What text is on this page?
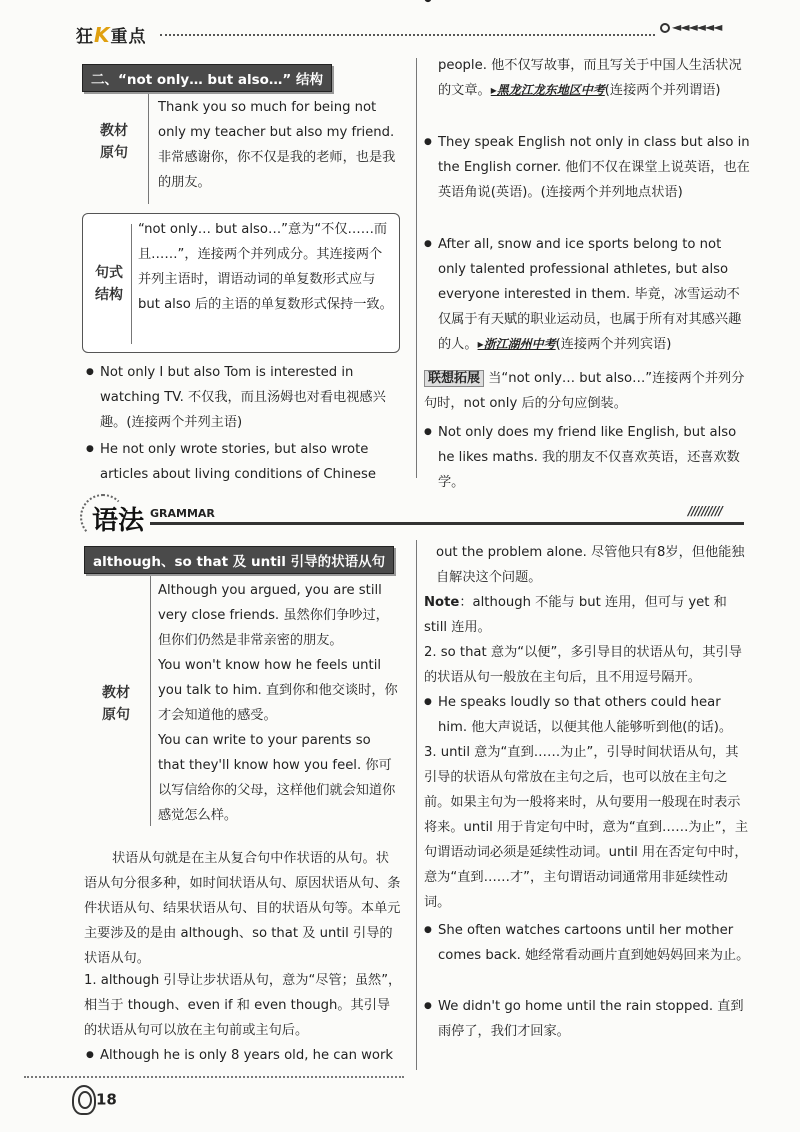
狂K重点	◄◄◄◄◄◄
二、“not only… but also…” 结构
教材原句
Thank you so much for being not only my teacher but also my friend.非常感谢你，你不仅是我的老师，也是我的朋友。
句式结构
“not only… but also…”意为“不仅……而且……”，连接两个并列成分。其连接两个并列主语时，谓语动词的单复数形式应与 but also 后的主语的单复数形式保持一致。
● Not only I but also Tom is interested in watching TV. 不仅我，而且汤姆也对看电视感兴趣。(连接两个并列主语)
● He not only wrote stories, but also wrote articles about living conditions of Chinese
●
people. 他不仅写故事，而且写关于中国人生活状况的文章。▸黑龙江龙东地区中考(连接两个并列谓语)
● They speak English not only in class but also in the English corner. 他们不仅在课堂上说英语，也在英语角说(英语)。(连接两个并列地点状语)
● After all, snow and ice sports belong to not only talented professional athletes, but also everyone interested in them. 毕竟，冰雪运动不仅属于有天赋的职业运动员，也属于所有对其感兴趣的人。▸浙江湖州中考(连接两个并列宾语)
联想拓展 当“not only… but also…”连接两个并列分句时，not only 后的分句应倒装。
● Not only does my friend like English, but also he likes maths. 我的朋友不仅喜欢英语，还喜欢数学。
语法 GRAMMAR	//////////
although、so that 及 until 引导的状语从句
教材原句
Although you argued, you are still very close friends. 虽然你们争吵过，但你们仍然是非常亲密的朋友。
You won't know how he feels until you talk to him. 直到你和他交谈时，你才会知道他的感受。
You can write to your parents so that they'll know how you feel. 你可以写信给你的父母，这样他们就会知道你感觉怎么样。
状语从句就是在主从复合句中作状语的从句。状语从句分很多种，如时间状语从句、原因状语从句、条件状语从句、结果状语从句、目的状语从句等。本单元主要涉及的是由 although、so that 及 until 引导的状语从句。
1. although 引导让步状语从句，意为“尽管；虽然”，相当于 though、even if 和 even though。其引导的状语从句可以放在主句前或主句后。
● Although he is only 8 years old, he can work
out the problem alone. 尽管他只有8岁，但他能独自解决这个问题。
Note：although 不能与 but 连用，但可与 yet 和 still 连用。
2. so that 意为“以便”，多引导目的状语从句，其引导的状语从句一般放在主句后，且不用逗号隔开。
● He speaks loudly so that others could hear him. 他大声说话，以便其他人能够听到他(的话)。
3. until 意为“直到……为止”，引导时间状语从句，其引导的状语从句常放在主句之后，也可以放在主句之前。如果主句为一般将来时，从句要用一般现在时表示将来。until 用于肯定句中时，意为“直到……为止”，主句谓语动词必须是延续性动词。until 用在否定句中时，意为“直到……才”，主句谓语动词通常用非延续性动词。
● She often watches cartoons until her mother comes back. 她经常看动画片直到她妈妈回来为止。
● We didn't go home until the rain stopped. 直到雨停了，我们才回家。
18
